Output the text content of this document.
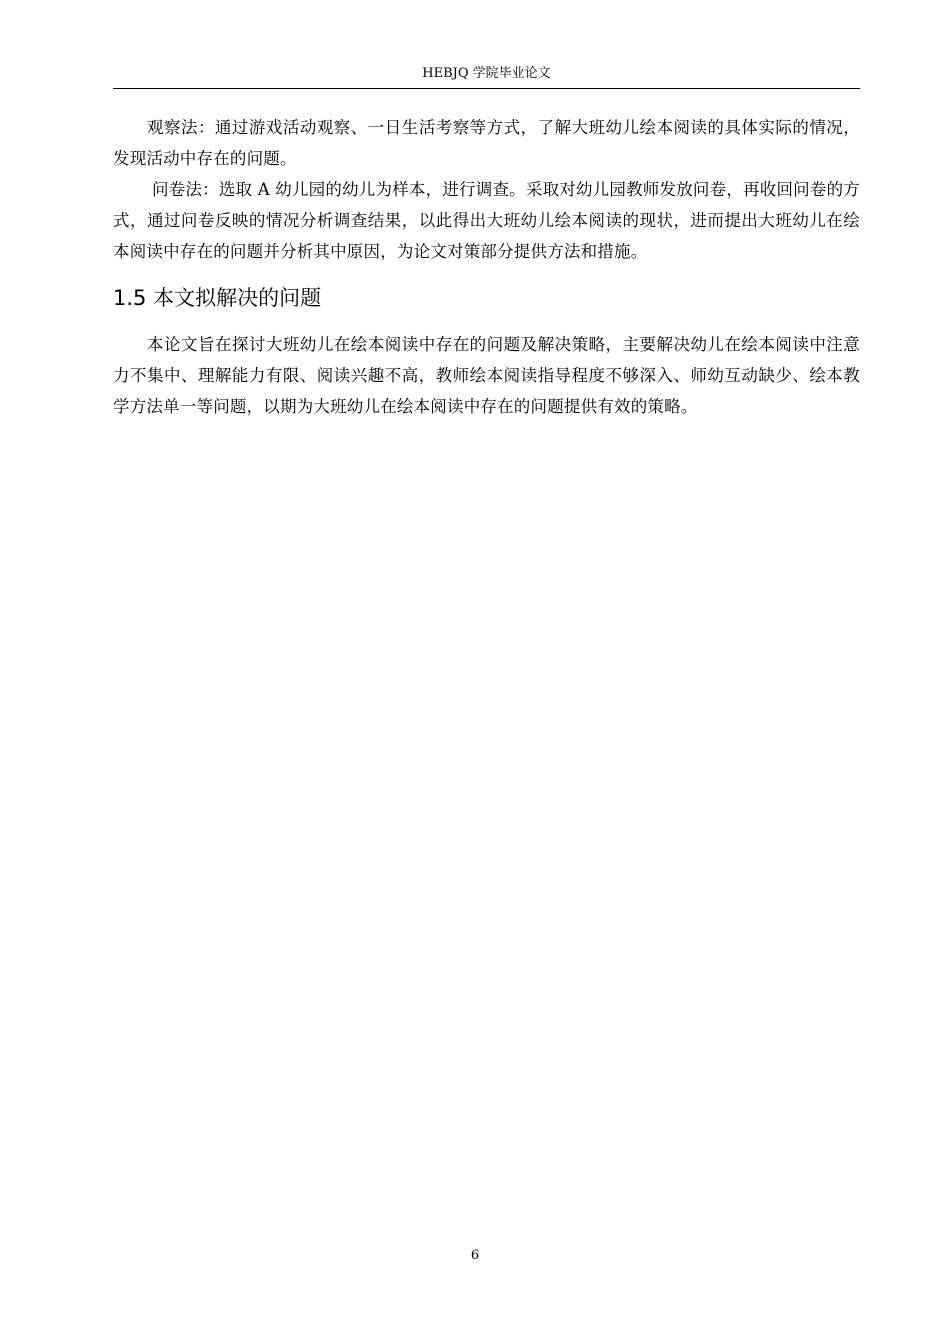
HEBJQ 学院毕业论文

观察法：通过游戏活动观察、一日生活考察等方式，了解大班幼儿绘本阅读的具体实际的情况，发现活动中存在的问题。

问卷法：选取 A 幼儿园的幼儿为样本，进行调查。采取对幼儿园教师发放问卷，再收回问卷的方式，通过问卷反映的情况分析调查结果，以此得出大班幼儿绘本阅读的现状，进而提出大班幼儿在绘本阅读中存在的问题并分析其中原因，为论文对策部分提供方法和措施。

1.5 本文拟解决的问题

本论文旨在探讨大班幼儿在绘本阅读中存在的问题及解决策略，主要解决幼儿在绘本阅读中注意力不集中、理解能力有限、阅读兴趣不高，教师绘本阅读指导程度不够深入、师幼互动缺少、绘本教学方法单一等问题，以期为大班幼儿在绘本阅读中存在的问题提供有效的策略。

6
